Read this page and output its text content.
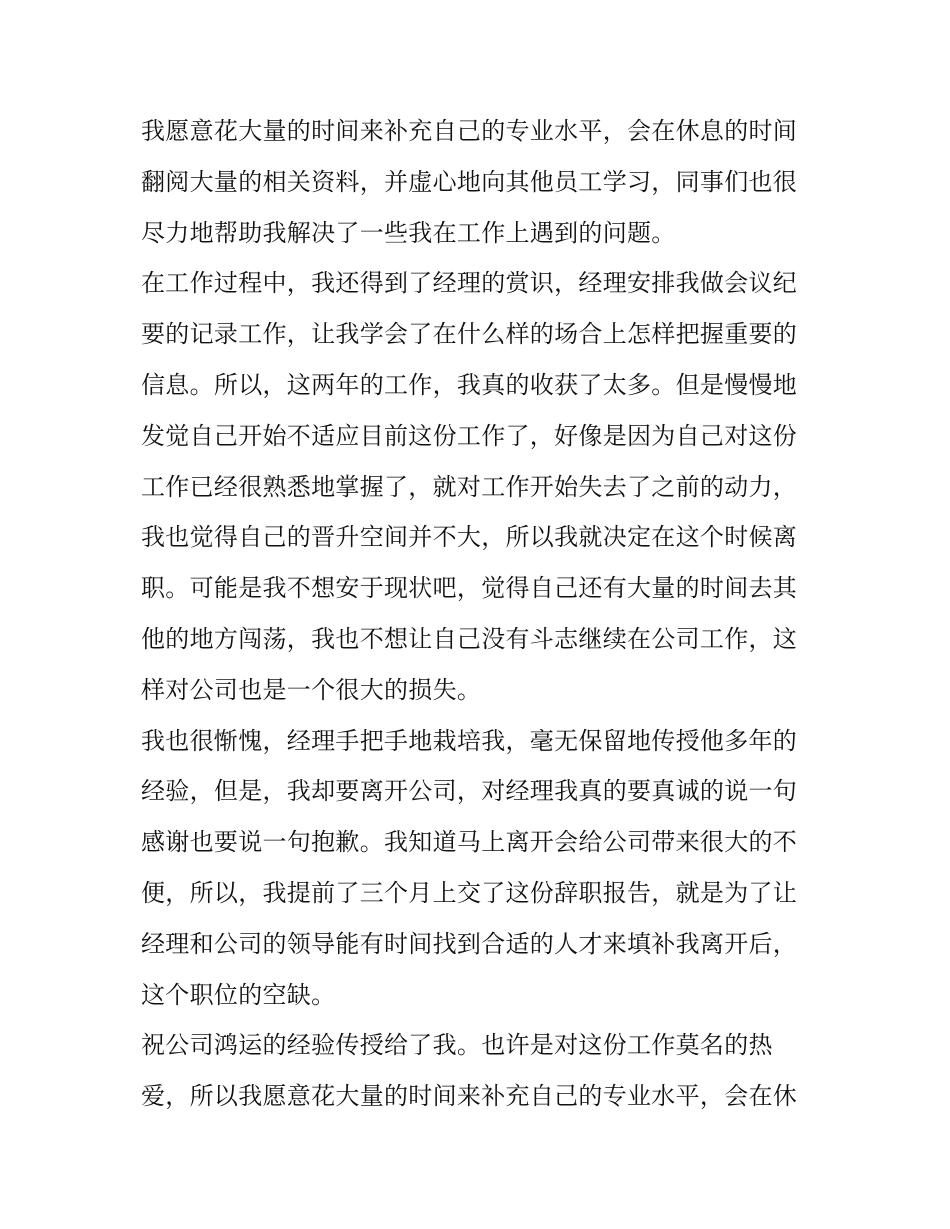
我愿意花大量的时间来补充自己的专业水平，会在休息的时间
翻阅大量的相关资料，并虚心地向其他员工学习，同事们也很
尽力地帮助我解决了一些我在工作上遇到的问题。
在工作过程中，我还得到了经理的赏识，经理安排我做会议纪
要的记录工作，让我学会了在什么样的场合上怎样把握重要的
信息。所以，这两年的工作，我真的收获了太多。但是慢慢地
发觉自己开始不适应目前这份工作了，好像是因为自己对这份
工作已经很熟悉地掌握了，就对工作开始失去了之前的动力，
我也觉得自己的晋升空间并不大，所以我就决定在这个时候离
职。可能是我不想安于现状吧，觉得自己还有大量的时间去其
他的地方闯荡，我也不想让自己没有斗志继续在公司工作，这
样对公司也是一个很大的损失。
我也很惭愧，经理手把手地栽培我，毫无保留地传授他多年的
经验，但是，我却要离开公司，对经理我真的要真诚的说一句
感谢也要说一句抱歉。我知道马上离开会给公司带来很大的不
便，所以，我提前了三个月上交了这份辞职报告，就是为了让
经理和公司的领导能有时间找到合适的人才来填补我离开后，
这个职位的空缺。
祝公司鸿运的经验传授给了我。也许是对这份工作莫名的热
爱，所以我愿意花大量的时间来补充自己的专业水平，会在休
